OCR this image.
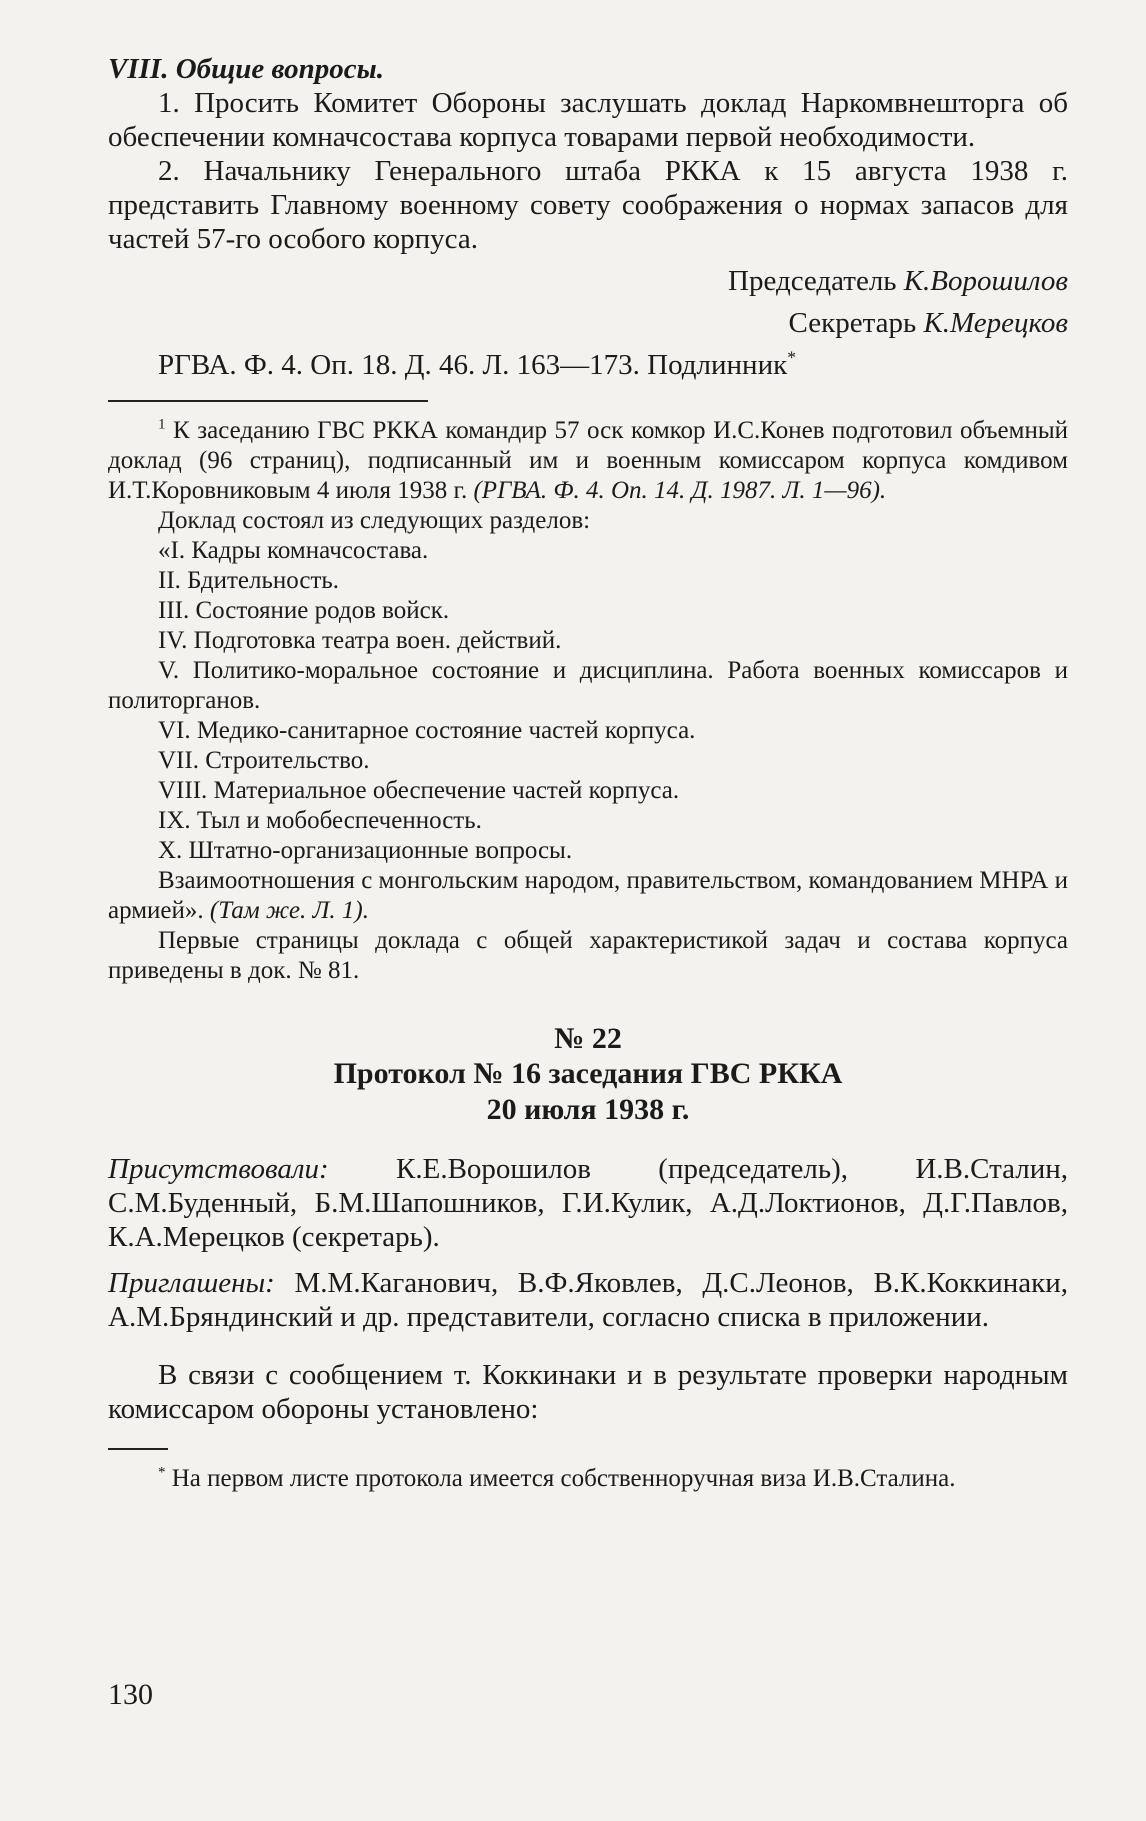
VIII. Общие вопросы.

1. Просить Комитет Обороны заслушать доклад Наркомвнешторга об обеспечении комначсостава корпуса товарами первой необходимости.

2. Начальнику Генерального штаба РККА к 15 августа 1938 г. представить Главному военному совету соображения о нормах запасов для частей 57-го особого корпуса.

Председатель К.Ворошилов

Секретарь К.Мерецков

РГВА. Ф. 4. Оп. 18. Д. 46. Л. 163—173. Подлинник*

$^1$ К заседанию ГВС РККА командир 57 оск комкор И.С.Конев подготовил объемный доклад (96 страниц), подписанный им и военным комиссаром корпуса комдивом И.Т.Коровниковым 4 июля 1938 г. (РГВА. Ф. 4. Оп. 14. Д. 1987. Л. 1—96).

Доклад состоял из следующих разделов:

«I. Кадры комначсостава.

II. Бдительность.

III. Состояние родов войск.

IV. Подготовка театра воен. действий.

V. Политико-моральное состояние и дисциплина. Работа военных комиссаров и политорганов.

VI. Медико-санитарное состояние частей корпуса.

VII. Строительство.

VIII. Материальное обеспечение частей корпуса.

IX. Тыл и мобобеспеченность.

X. Штатно-организационные вопросы.

Взаимоотношения с монгольским народом, правительством, командованием МНРА и армией». (Там же. Л. 1).

Первые страницы доклада с общей характеристикой задач и состава корпуса приведены в док. № 81.

№ 22
Протокол № 16 заседания ГВС РККА
20 июля 1938 г.

Присутствовали: К.Е.Ворошилов (председатель), И.В.Сталин, С.М.Буденный, Б.М.Шапошников, Г.И.Кулик, А.Д.Локтионов, Д.Г.Павлов, К.А.Мерецков (секретарь).

Приглашены: М.М.Каганович, В.Ф.Яковлев, Д.С.Леонов, В.К.Коккинаки, А.М.Бряндинский и др. представители, согласно списка в приложении.

В связи с сообщением т. Коккинаки и в результате проверки народным комиссаром обороны установлено:

* На первом листе протокола имеется собственноручная виза И.В.Сталина.

130
